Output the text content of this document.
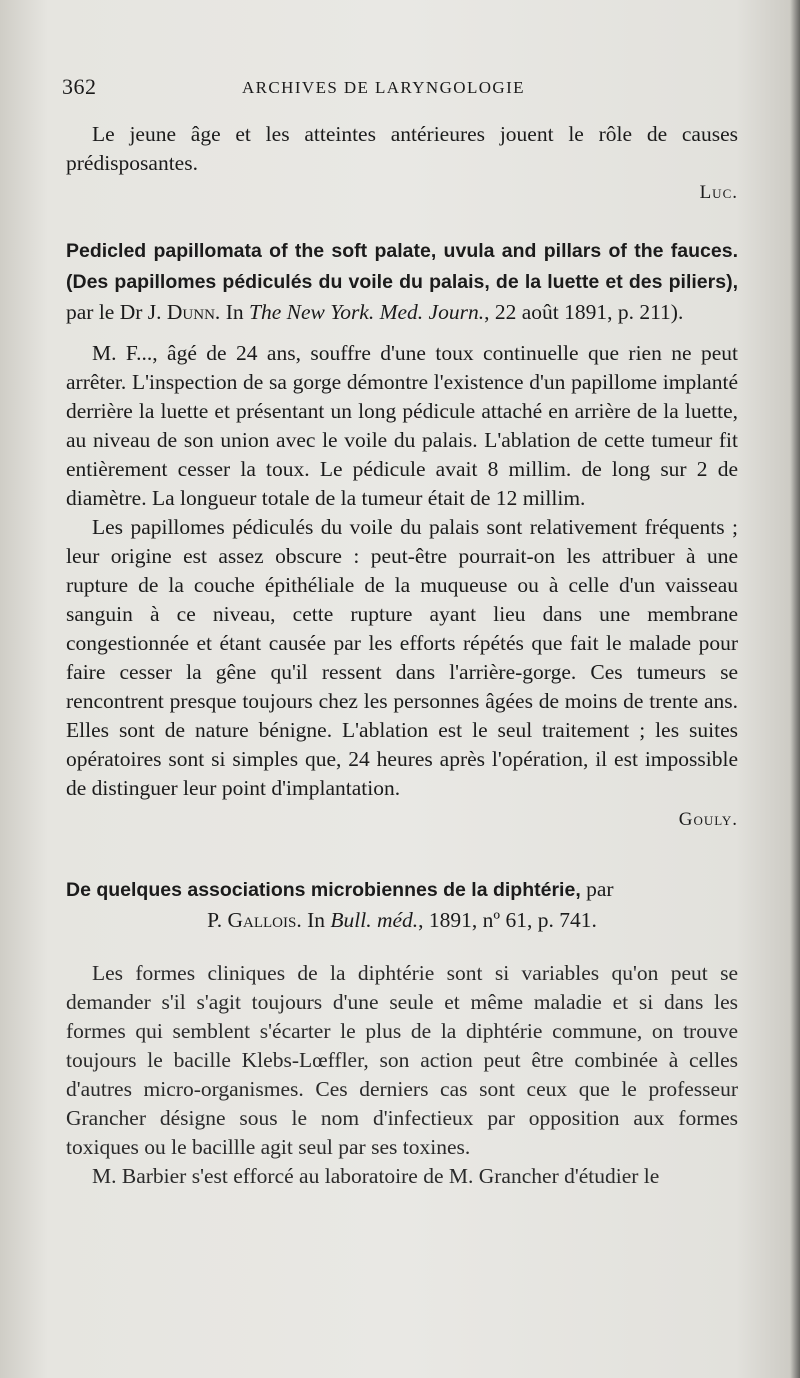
362	ARCHIVES DE LARYNGOLOGIE

Le jeune âge et les atteintes antérieures jouent le rôle de causes prédisposantes.

Luc.

Pedicled papillomata of the soft palate, uvula and pillars of the fauces. (Des papillomes pédiculés du voile du palais, de la luette et des piliers), par le Dr J. Dunn. In The New York. Med. Journ., 22 août 1891, p. 211).

M. F..., âgé de 24 ans, souffre d'une toux continuelle que rien ne peut arrêter. L'inspection de sa gorge démontre l'existence d'un papillome implanté derrière la luette et présentant un long pédicule attaché en arrière de la luette, au niveau de son union avec le voile du palais. L'ablation de cette tumeur fit entièrement cesser la toux. Le pédicule avait 8 millim. de long sur 2 de diamètre. La longueur totale de la tumeur était de 12 millim.

Les papillomes pédiculés du voile du palais sont relativement fréquents ; leur origine est assez obscure : peut-être pourrait-on les attribuer à une rupture de la couche épithéliale de la muqueuse ou à celle d'un vaisseau sanguin à ce niveau, cette rupture ayant lieu dans une membrane congestionnée et étant causée par les efforts répétés que fait le malade pour faire cesser la gêne qu'il ressent dans l'arrière-gorge. Ces tumeurs se rencontrent presque toujours chez les personnes âgées de moins de trente ans. Elles sont de nature bénigne. L'ablation est le seul traitement ; les suites opératoires sont si simples que, 24 heures après l'opération, il est impossible de distinguer leur point d'implantation.

Gouly.

De quelques associations microbiennes de la diphtérie, par
P. Gallois. In Bull. méd., 1891, nº 61, p. 741.

Les formes cliniques de la diphtérie sont si variables qu'on peut se demander s'il s'agit toujours d'une seule et même maladie et si dans les formes qui semblent s'écarter le plus de la diphtérie commune, on trouve toujours le bacille Klebs-Lœffler, son action peut être combinée à celles d'autres micro-organismes. Ces derniers cas sont ceux que le professeur Grancher désigne sous le nom d'infectieux par opposition aux formes toxiques ou le bacillle agit seul par ses toxines.

M. Barbier s'est efforcé au laboratoire de M. Grancher d'étudier le
